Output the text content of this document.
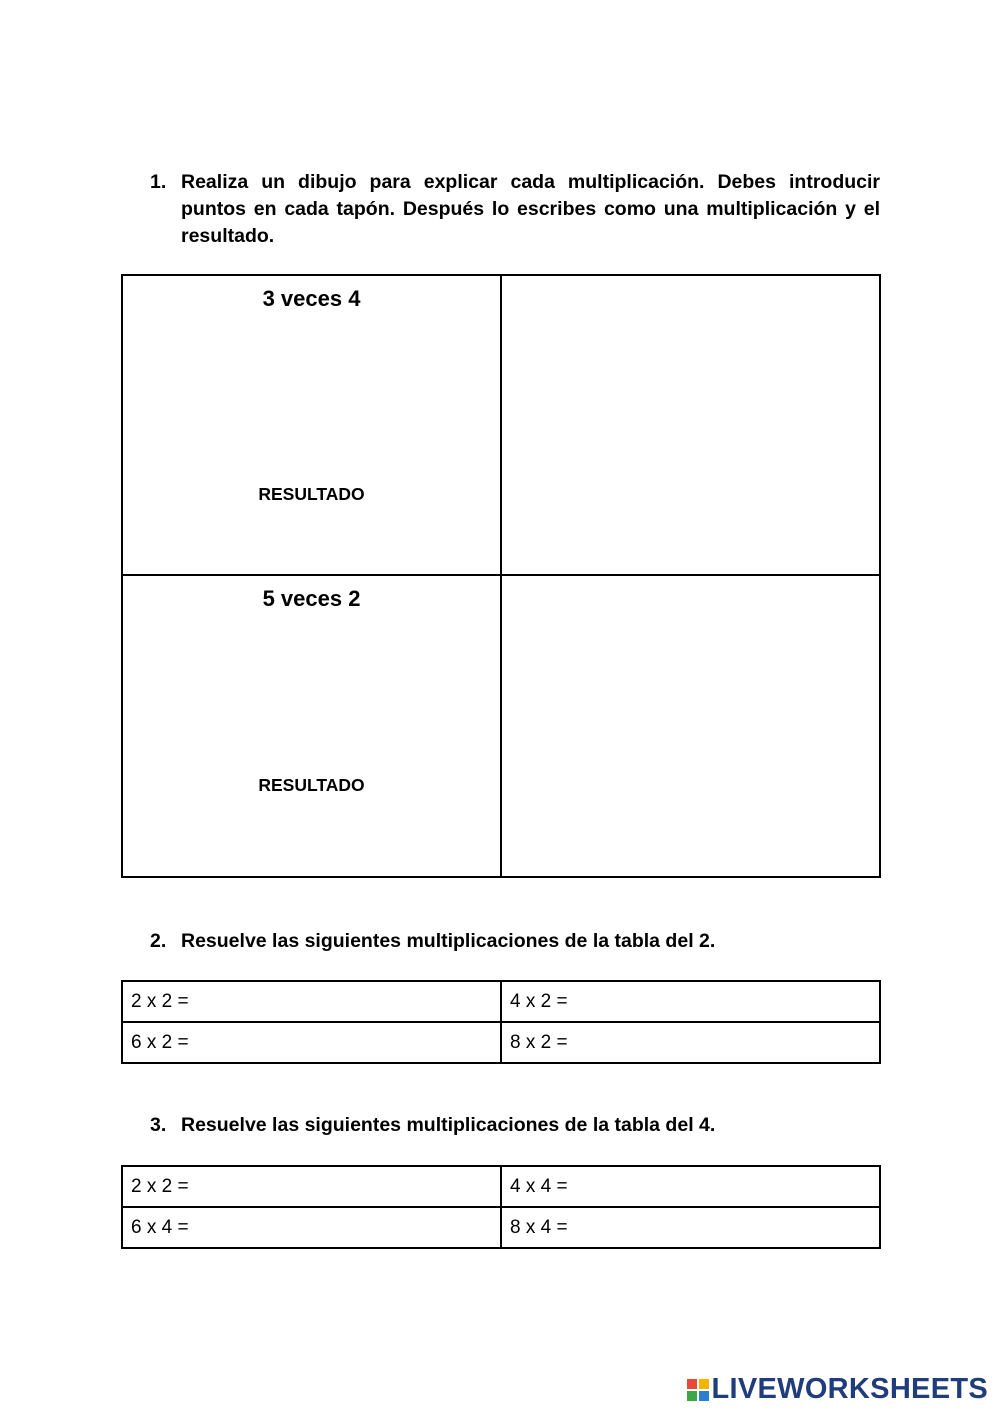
1. Realiza un dibujo para explicar cada multiplicación. Debes introducir puntos en cada tapón. Después lo escribes como una multiplicación y el resultado.
3 veces 4
RESULTADO	

5 veces 2
RESULTADO	

2. Resuelve las siguientes multiplicaciones de la tabla del 2.
2 x 2 =	4 x 2 =
6 x 2 =	8 x 2 =
3. Resuelve las siguientes multiplicaciones de la tabla del 4.
2 x 2 =	4 x 4 =
6 x 4 =	8 x 4 =
LIVEWORKSHEETS
